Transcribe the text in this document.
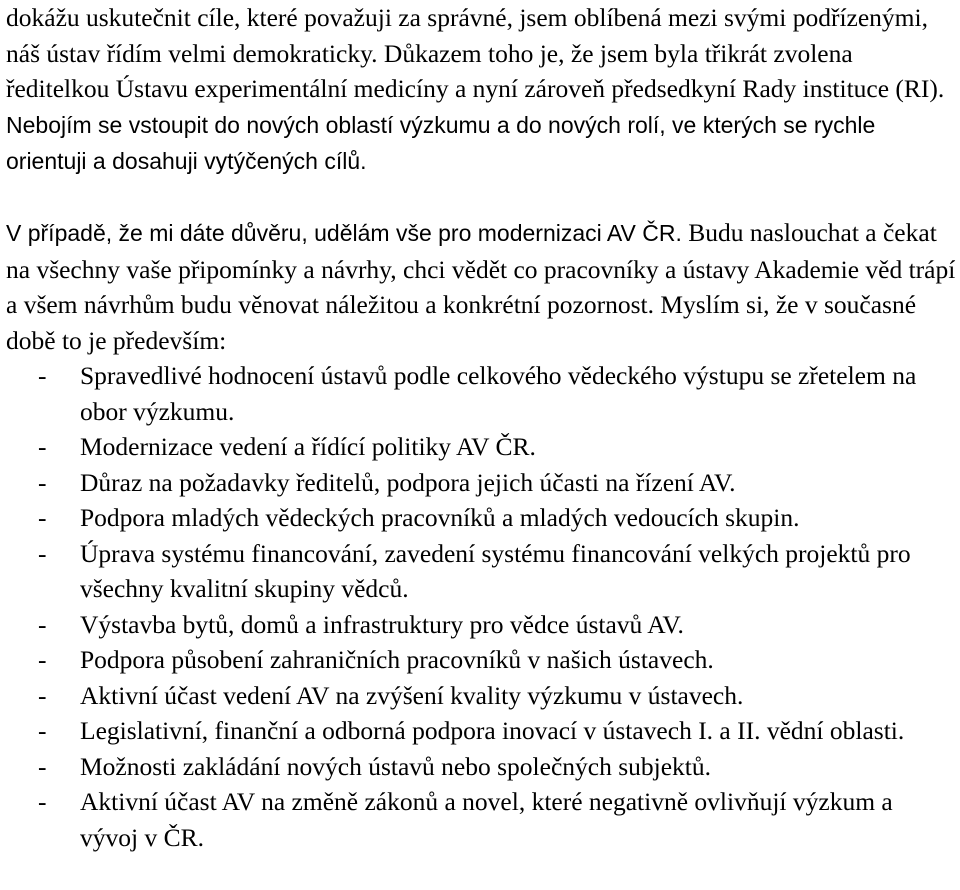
dokážu uskutečnit cíle, které považuji za správné, jsem oblíbená mezi svými podřízenými, náš ústav řídím velmi demokraticky. Důkazem toho je, že jsem byla třikrát zvolena ředitelkou Ústavu experimentální medicíny a nyní zároveň předsedkyní Rady instituce (RI). Nebojím se vstoupit do nových oblastí výzkumu a do nových rolí, ve kterých se rychle orientuji a dosahuji vytýčených cílů.

V případě, že mi dáte důvěru, udělám vše pro modernizaci AV ČR. Budu naslouchat a čekat na všechny vaše připomínky a návrhy, chci vědět co pracovníky a ústavy Akademie věd trápí a všem návrhům budu věnovat náležitou a konkrétní pozornost. Myslím si, že v současné době to je především:

- Spravedlivé hodnocení ústavů podle celkového vědeckého výstupu se zřetelem na obor výzkumu.
- Modernizace vedení a řídící politiky AV ČR.
- Důraz na požadavky ředitelů, podpora jejich účasti na řízení AV.
- Podpora mladých vědeckých pracovníků a mladých vedoucích skupin.
- Úprava systému financování, zavedení systému financování velkých projektů pro všechny kvalitní skupiny vědců.
- Výstavba bytů, domů a infrastruktury pro vědce ústavů AV.
- Podpora působení zahraničních pracovníků v našich ústavech.
- Aktivní účast vedení AV na zvýšení kvality výzkumu v ústavech.
- Legislativní, finanční a odborná podpora inovací v ústavech I. a II. vědní oblasti.
- Možnosti zakládání nových ústavů nebo společných subjektů.
- Aktivní účast AV na změně zákonů a novel, které negativně ovlivňují výzkum a vývoj v ČR.
